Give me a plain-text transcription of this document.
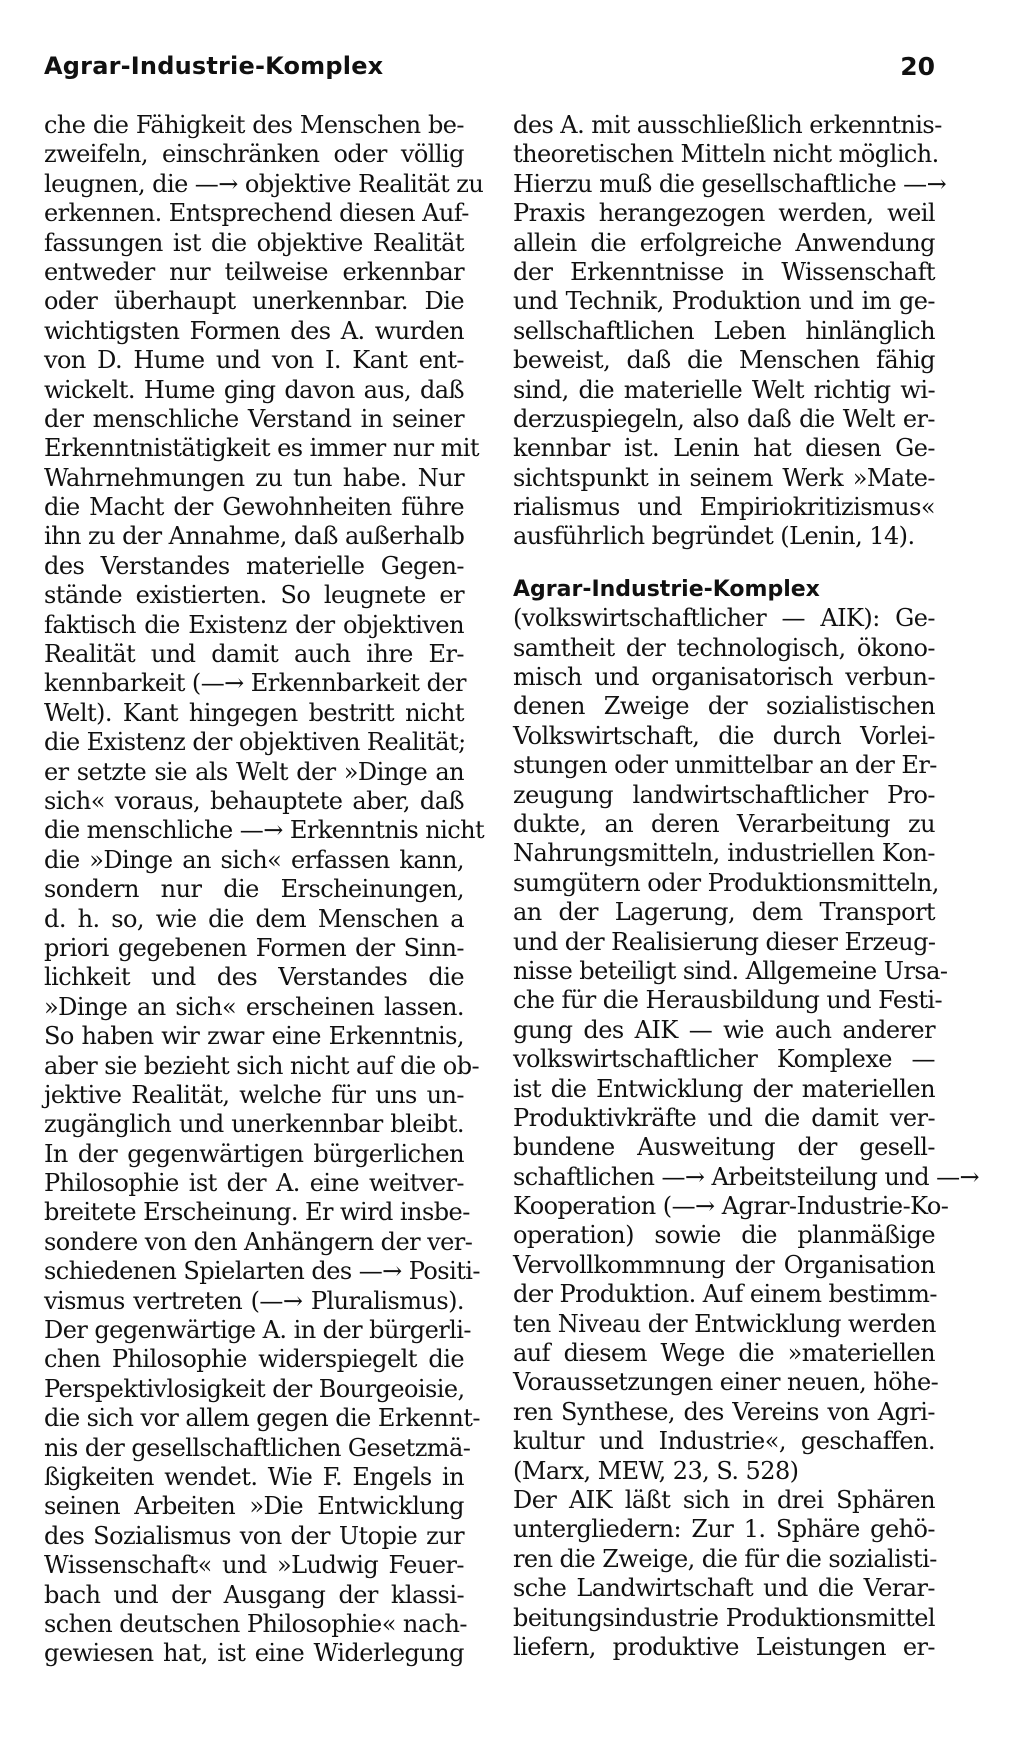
Agrar-Industrie-Komplex	20
che die Fähigkeit des Menschen be-
zweifeln, einschränken oder völlig
leugnen, die —→ objektive Realität zu
erkennen. Entsprechend diesen Auf-
fassungen ist die objektive Realität
entweder nur teilweise erkennbar
oder überhaupt unerkennbar. Die
wichtigsten Formen des A. wurden
von D. Hume und von I. Kant ent-
wickelt. Hume ging davon aus, daß
der menschliche Verstand in seiner
Erkenntnistätigkeit es immer nur mit
Wahrnehmungen zu tun habe. Nur
die Macht der Gewohnheiten führe
ihn zu der Annahme, daß außerhalb
des Verstandes materielle Gegen-
stände existierten. So leugnete er
faktisch die Existenz der objektiven
Realität und damit auch ihre Er-
kennbarkeit (—→ Erkennbarkeit der
Welt). Kant hingegen bestritt nicht
die Existenz der objektiven Realität;
er setzte sie als Welt der »Dinge an
sich« voraus, behauptete aber, daß
die menschliche —→ Erkenntnis nicht
die »Dinge an sich« erfassen kann,
sondern nur die Erscheinungen,
d. h. so, wie die dem Menschen a
priori gegebenen Formen der Sinn-
lichkeit und des Verstandes die
»Dinge an sich« erscheinen lassen.
So haben wir zwar eine Erkenntnis,
aber sie bezieht sich nicht auf die ob-
jektive Realität, welche für uns un-
zugänglich und unerkennbar bleibt.
In der gegenwärtigen bürgerlichen
Philosophie ist der A. eine weitver-
breitete Erscheinung. Er wird insbe-
sondere von den Anhängern der ver-
schiedenen Spielarten des —→ Positi-
vismus vertreten (—→ Pluralismus).
Der gegenwärtige A. in der bürgerli-
chen Philosophie widerspiegelt die
Perspektivlosigkeit der Bourgeoisie,
die sich vor allem gegen die Erkennt-
nis der gesellschaftlichen Gesetzmä-
ßigkeiten wendet. Wie F. Engels in
seinen Arbeiten »Die Entwicklung
des Sozialismus von der Utopie zur
Wissenschaft« und »Ludwig Feuer-
bach und der Ausgang der klassi-
schen deutschen Philosophie« nach-
gewiesen hat, ist eine Widerlegung
des A. mit ausschließlich erkenntnis-
theoretischen Mitteln nicht möglich.
Hierzu muß die gesellschaftliche —→
Praxis herangezogen werden, weil
allein die erfolgreiche Anwendung
der Erkenntnisse in Wissenschaft
und Technik, Produktion und im ge-
sellschaftlichen Leben hinlänglich
beweist, daß die Menschen fähig
sind, die materielle Welt richtig wi-
derzuspiegeln, also daß die Welt er-
kennbar ist. Lenin hat diesen Ge-
sichtspunkt in seinem Werk »Mate-
rialismus und Empiriokritizismus«
ausführlich begründet (Lenin, 14).
Agrar-Industrie-Komplex
(volkswirtschaftlicher — AIK): Ge-
samtheit der technologisch, ökono-
misch und organisatorisch verbun-
denen Zweige der sozialistischen
Volkswirtschaft, die durch Vorlei-
stungen oder unmittelbar an der Er-
zeugung landwirtschaftlicher Pro-
dukte, an deren Verarbeitung zu
Nahrungsmitteln, industriellen Kon-
sumgütern oder Produktionsmitteln,
an der Lagerung, dem Transport
und der Realisierung dieser Erzeug-
nisse beteiligt sind. Allgemeine Ursa-
che für die Herausbildung und Festi-
gung des AIK — wie auch anderer
volkswirtschaftlicher Komplexe —
ist die Entwicklung der materiellen
Produktivkräfte und die damit ver-
bundene Ausweitung der gesell-
schaftlichen —→ Arbeitsteilung und —→
Kooperation (—→ Agrar-Industrie-Ko-
operation) sowie die planmäßige
Vervollkommnung der Organisation
der Produktion. Auf einem bestimm-
ten Niveau der Entwicklung werden
auf diesem Wege die »materiellen
Voraussetzungen einer neuen, höhe-
ren Synthese, des Vereins von Agri-
kultur und Industrie«, geschaffen.
(Marx, MEW, 23, S. 528)
Der AIK läßt sich in drei Sphären
untergliedern: Zur 1. Sphäre gehö-
ren die Zweige, die für die sozialisti-
sche Landwirtschaft und die Verar-
beitungsindustrie Produktionsmittel
liefern, produktive Leistungen er-
